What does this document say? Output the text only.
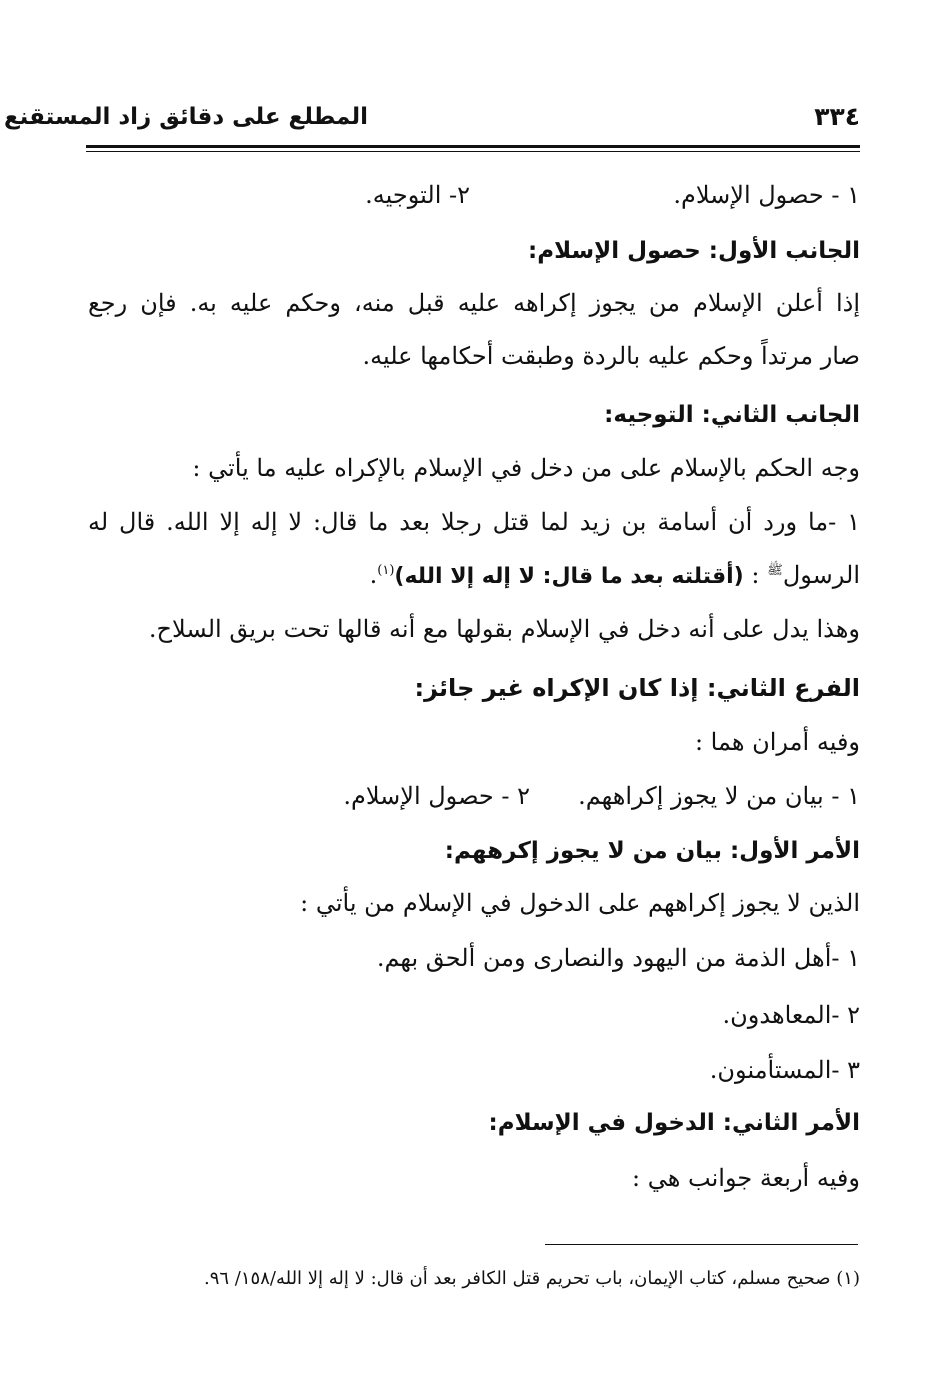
المطلع على دقائق زاد المستقنع	٣٣٤
١ - حصول الإسلام.
٢- التوجيه.
الجانب الأول: حصول الإسلام:
إذا أعلن الإسلام من يجوز إكراهه عليه قبل منه، وحكم عليه به. فإن رجع
صار مرتداً وحكم عليه بالردة وطبقت أحكامها عليه.
الجانب الثاني: التوجيه:
وجه الحكم بالإسلام على من دخل في الإسلام بالإكراه عليه ما يأتي :
١ -ما ورد أن أسامة بن زيد لما قتل رجلا بعد ما قال: لا إله إلا الله. قال له
الرسول$^ﷺ$ : (أقتلته بعد ما قال: لا إله إلا الله)$^{(١)}$.
وهذا يدل على أنه دخل في الإسلام بقولها مع أنه قالها تحت بريق السلاح.
الفرع الثاني: إذا كان الإكراه غير جائز:
وفيه أمران هما :
١ - بيان من لا يجوز إكراههم.
٢ - حصول الإسلام.
الأمر الأول: بيان من لا يجوز إكرههم:
الذين لا يجوز إكراههم على الدخول في الإسلام من يأتي :
١ -أهل الذمة من اليهود والنصارى ومن ألحق بهم.
٢ -المعاهدون.
٣ -المستأمنون.
الأمر الثاني: الدخول في الإسلام:
وفيه أربعة جوانب هي :
(١) صحيح مسلم، كتاب الإيمان، باب تحريم قتل الكافر بعد أن قال: لا إله إلا الله/١٥٨/ ٩٦.
